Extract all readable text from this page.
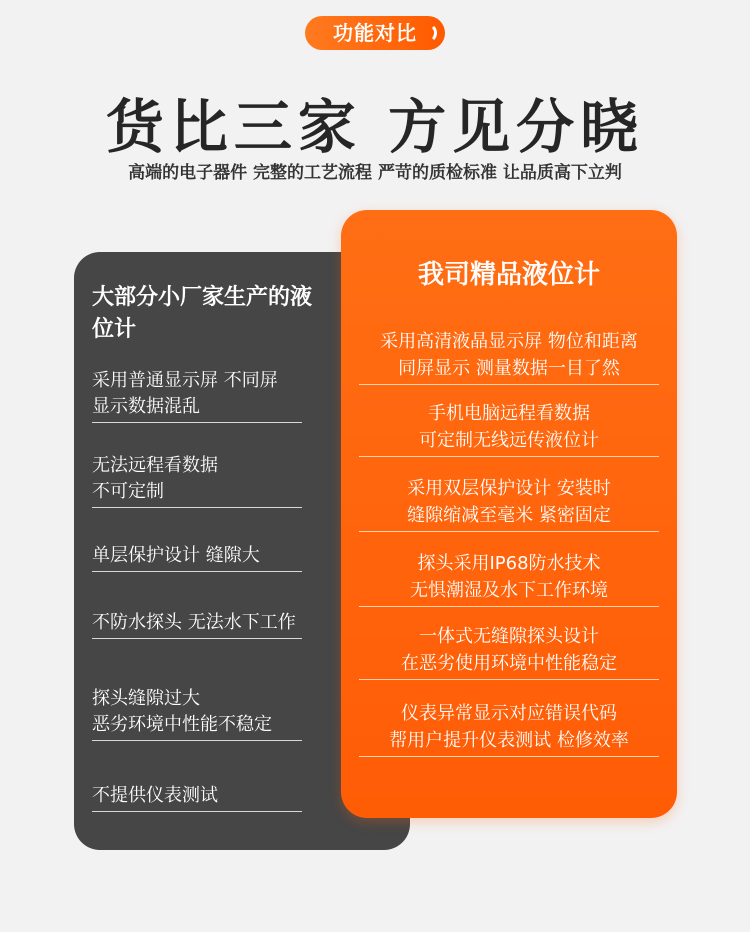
功能对比
货比三家 方见分晓
高端的电子器件 完整的工艺流程 严苛的质检标准 让品质高下立判
大部分小厂家生产的液位计
采用普通显示屏 不同屏
显示数据混乱
无法远程看数据
不可定制
单层保护设计 缝隙大
不防水探头 无法水下工作
探头缝隙过大
恶劣环境中性能不稳定
不提供仪表测试
我司精品液位计
采用高清液晶显示屏 物位和距离
同屏显示 测量数据一目了然
手机电脑远程看数据
可定制无线远传液位计
采用双层保护设计 安装时
缝隙缩减至毫米 紧密固定
探头采用IP68防水技术
无惧潮湿及水下工作环境
一体式无缝隙探头设计
在恶劣使用环境中性能稳定
仪表异常显示对应错误代码
帮用户提升仪表测试 检修效率
